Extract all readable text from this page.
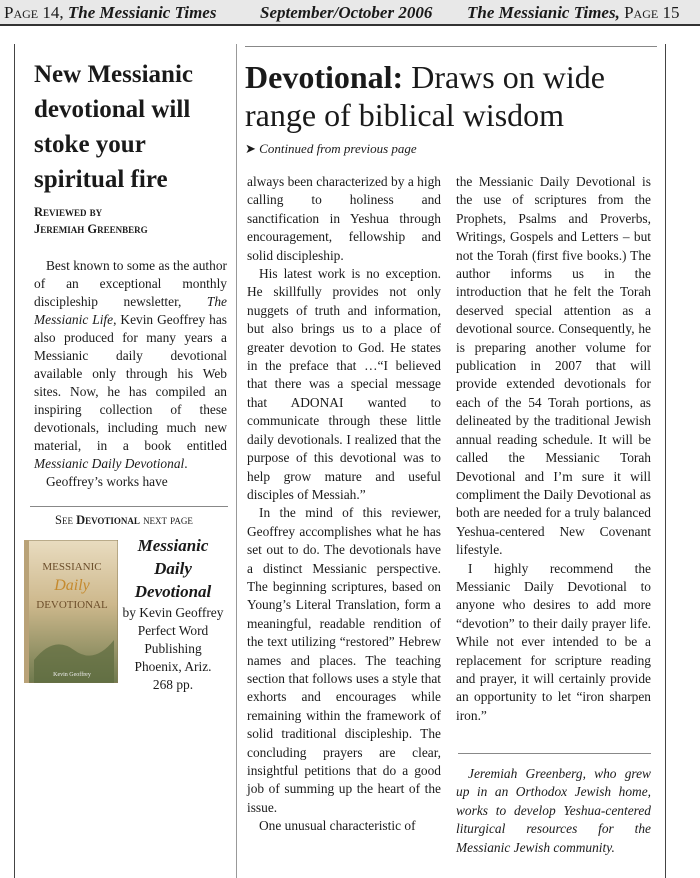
Page 14, The Messianic Times	September/October 2006 The Messianic Times, Page 15
New Messianic devotional will stoke your spiritual fire
Reviewed by
Jeremiah Greenberg

Best known to some as the author of an exceptional monthly discipleship newsletter, The Messianic Life, Kevin Geoffrey has also produced for many years a Messianic daily devotional available only through his Web sites. Now, he has compiled an inspiring collection of these devotionals, including much new material, in a book entitled Messianic Daily Devotional.

Geoffrey’s works have

See Devotional next page
MESSIANIC
Daily
DEVOTIONAL
Kevin Geoffrey
Messianic Daily Devotional
by Kevin Geoffrey
Perfect Word Publishing
Phoenix, Ariz.
268 pp.
Devotional: Draws on wide range of biblical wisdom
➤ Continued from previous page

always been characterized by a high calling to holiness and sanctification in Yeshua through encouragement, fellowship and solid discipleship.

His latest work is no exception. He skillfully provides not only nuggets of truth and information, but also brings us to a place of greater devotion to God. He states in the preface that …“I believed that there was a special message that ADONAI wanted to communicate through these little daily devotionals. I realized that the purpose of this devotional was to help grow mature and useful disciples of Messiah.”

In the mind of this reviewer, Geoffrey accomplishes what he has set out to do. The devotionals have a distinct Messianic perspective. The beginning scriptures, based on Young’s Literal Translation, form a meaningful, readable rendition of the text utilizing “restored” Hebrew names and places. The teaching section that follows uses a style that exhorts and encourages while remaining within the framework of solid traditional discipleship. The concluding prayers are clear, insightful petitions that do a good job of summing up the heart of the issue.

One unusual characteristic of

the Messianic Daily Devotional is the use of scriptures from the Prophets, Psalms and Proverbs, Writings, Gospels and Letters – but not the Torah (first five books.) The author informs us in the introduction that he felt the Torah deserved special attention as a devotional source. Consequently, he is preparing another volume for publication in 2007 that will provide extended devotionals for each of the 54 Torah portions, as delineated by the traditional Jewish annual reading schedule. It will be called the Messianic Torah Devotional and I’m sure it will compliment the Daily Devotional as both are needed for a truly balanced Yeshua-centered New Covenant lifestyle.

I highly recommend the Messianic Daily Devotional to anyone who desires to add more “devotion” to their daily prayer life. While not ever intended to be a replacement for scripture reading and prayer, it will certainly provide an opportunity to let “iron sharpen iron.”

Jeremiah Greenberg, who grew up in an Orthodox Jewish home, works to develop Yeshua-centered liturgical resources for the Messianic Jewish community.
